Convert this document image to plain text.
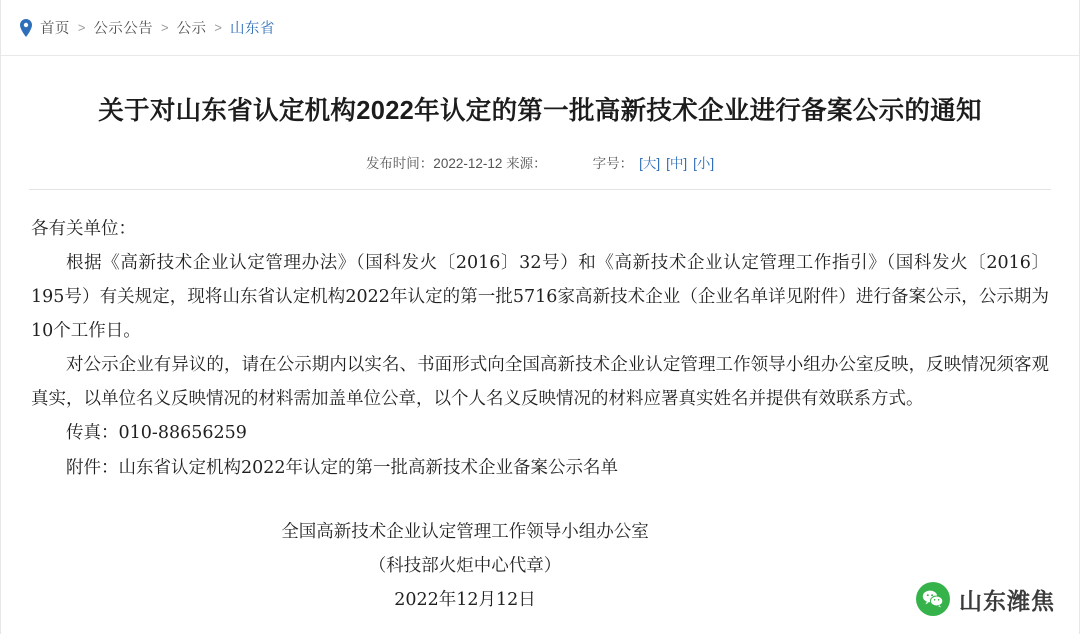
首页 > 公示公告 > 公示 > 山东省
关于对山东省认定机构2022年认定的第一批高新技术企业进行备案公示的通知
发布时间：2022-12-12 来源：	字号： [大] [中] [小]

各有关单位：

根据《高新技术企业认定管理办法》（国科发火〔2016〕32号）和《高新技术企业认定管理工作指引》（国科发火〔2016〕195号）有关规定，现将山东省认定机构2022年认定的第一批5716家高新技术企业（企业名单详见附件）进行备案公示，公示期为10个工作日。

对公示企业有异议的，请在公示期内以实名、书面形式向全国高新技术企业认定管理工作领导小组办公室反映，反映情况须客观真实，以单位名义反映情况的材料需加盖单位公章，以个人名义反映情况的材料应署真实姓名并提供有效联系方式。

传真：010-88656259

附件：山东省认定机构2022年认定的第一批高新技术企业备案公示名单

全国高新技术企业认定管理工作领导小组办公室

（科技部火炬中心代章）

2022年12月12日	山东潍焦
